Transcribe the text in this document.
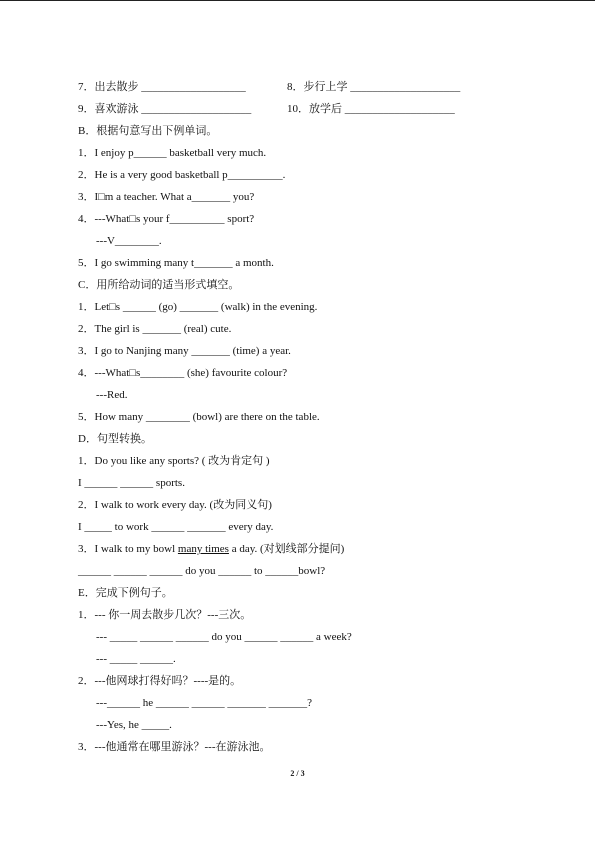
7．出去散步 ___________________	8．步行上学 ____________________
9．喜欢游泳 ____________________	10．放学后 ____________________
B．根据句意写出下例单词。
1．I enjoy p______ basketball very much.
2．He is a very good basketball p__________.
3．I□m a teacher. What a_______ you?
4．---What□s your f__________ sport?
---V________.
5．I go swimming many t_______ a month.
C．用所给动词的适当形式填空。
1．Let□s ______ (go) _______ (walk) in the evening.
2．The girl is _______ (real) cute.
3．I go to Nanjing many _______ (time) a year.
4．---What□s________ (she) favourite colour?
---Red.
5．How many ________ (bowl) are there on the table.
D．句型转换。
1．Do you like any sports? ( 改为肯定句 )
I ______ ______ sports.
2．I walk to work every day. (改为同义句)
I _____ to work ______ _______ every day.
3．I walk to my bowl many times a day. (对划线部分提问)
______ ______ ______ do you ______ to ______bowl?
E．完成下例句子。
1．--- 你一周去散步几次？---三次。
--- _____ ______ ______ do you ______ ______ a week?
--- _____ ______.
2．---他网球打得好吗？----是的。
---______ he ______ ______ _______ _______?
---Yes, he _____.
3．---他通常在哪里游泳？---在游泳池。
2 / 3
